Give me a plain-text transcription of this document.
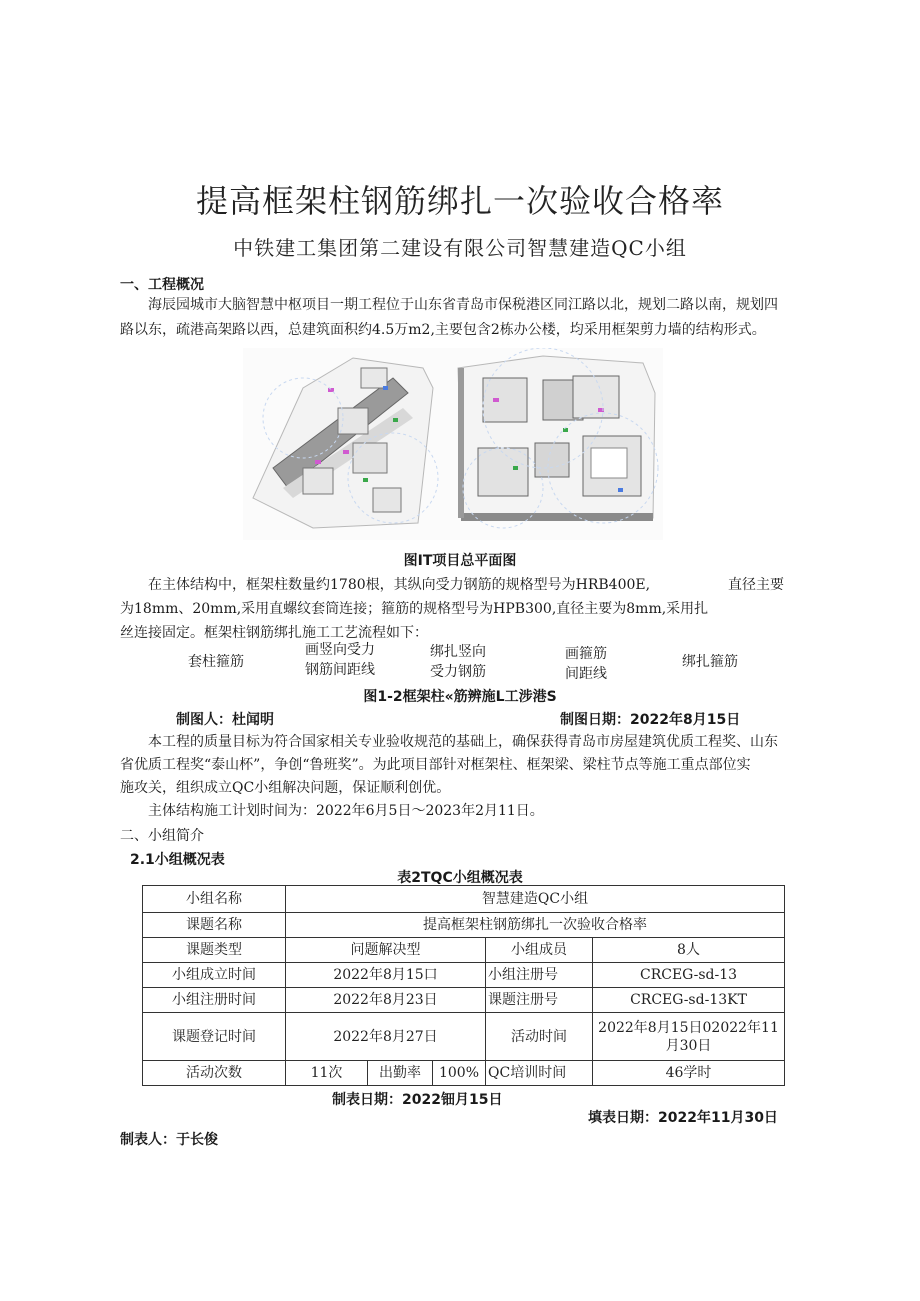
提高框架柱钢筋绑扎一次验收合格率
中铁建工集团第二建设有限公司智慧建造QC小组
一、工程概况
海辰园城市大脑智慧中枢项目一期工程位于山东省青岛市保税港区同江路以北，规划二路以南，规划四
路以东，疏港高架路以西，总建筑面积约4.5万m2,主要包含2栋办公楼，均采用框架剪力墙的结构形式。
图IT项目总平面图
在主体结构中，框架柱数量约1780根，其纵向受力钢筋的规格型号为HRB400E,	直径主要
为18mm、20mm,采用直螺纹套筒连接；箍筋的规格型号为HPB300,直径主要为8mm,采用扎
丝连接固定。框架柱钢筋绑扎施工工艺流程如下：
套柱箍筋
画竖向受力
钢筋间距线
绑扎竖向
受力钢筋
画箍筋
间距线
绑扎箍筋
图1-2框架柱«筋辨施L工涉港S
制图人：杜闻明	制图日期：2022年8月15日
本工程的质量目标为符合国家相关专业验收规范的基础上，确保获得青岛市房屋建筑优质工程奖、山东
省优质工程奖“泰山杯”，争创“鲁班奖”。为此项目部针对框架柱、框架梁、梁柱节点等施工重点部位实
施攻关，组织成立QC小组解决问题，保证顺利创优。
主体结构施工计划时间为：2022年6月5日～2023年2月11日。
二、小组简介
2.1小组概况表
表2TQC小组概况表
小组名称	智慧建造QC小组				
课题名称	提高框架柱钢筋绑扎一次验收合格率				
课题类型	问题解决型			小组成员	8人
小组成立时间	2022年8月15口			小组注册号	CRCEG-sd-13
小组注册时间	2022年8月23日			课题注册号	CRCEG-sd-13KT
课题登记时间	2022年8月27日			活动时间	2022年8月15日02022年11
月30日

活动次数	11次	出勤率	100%	QC培训时间	46学时
制表日期：2022钿月15日
填表日期：2022年11月30日
制表人：于长俊
